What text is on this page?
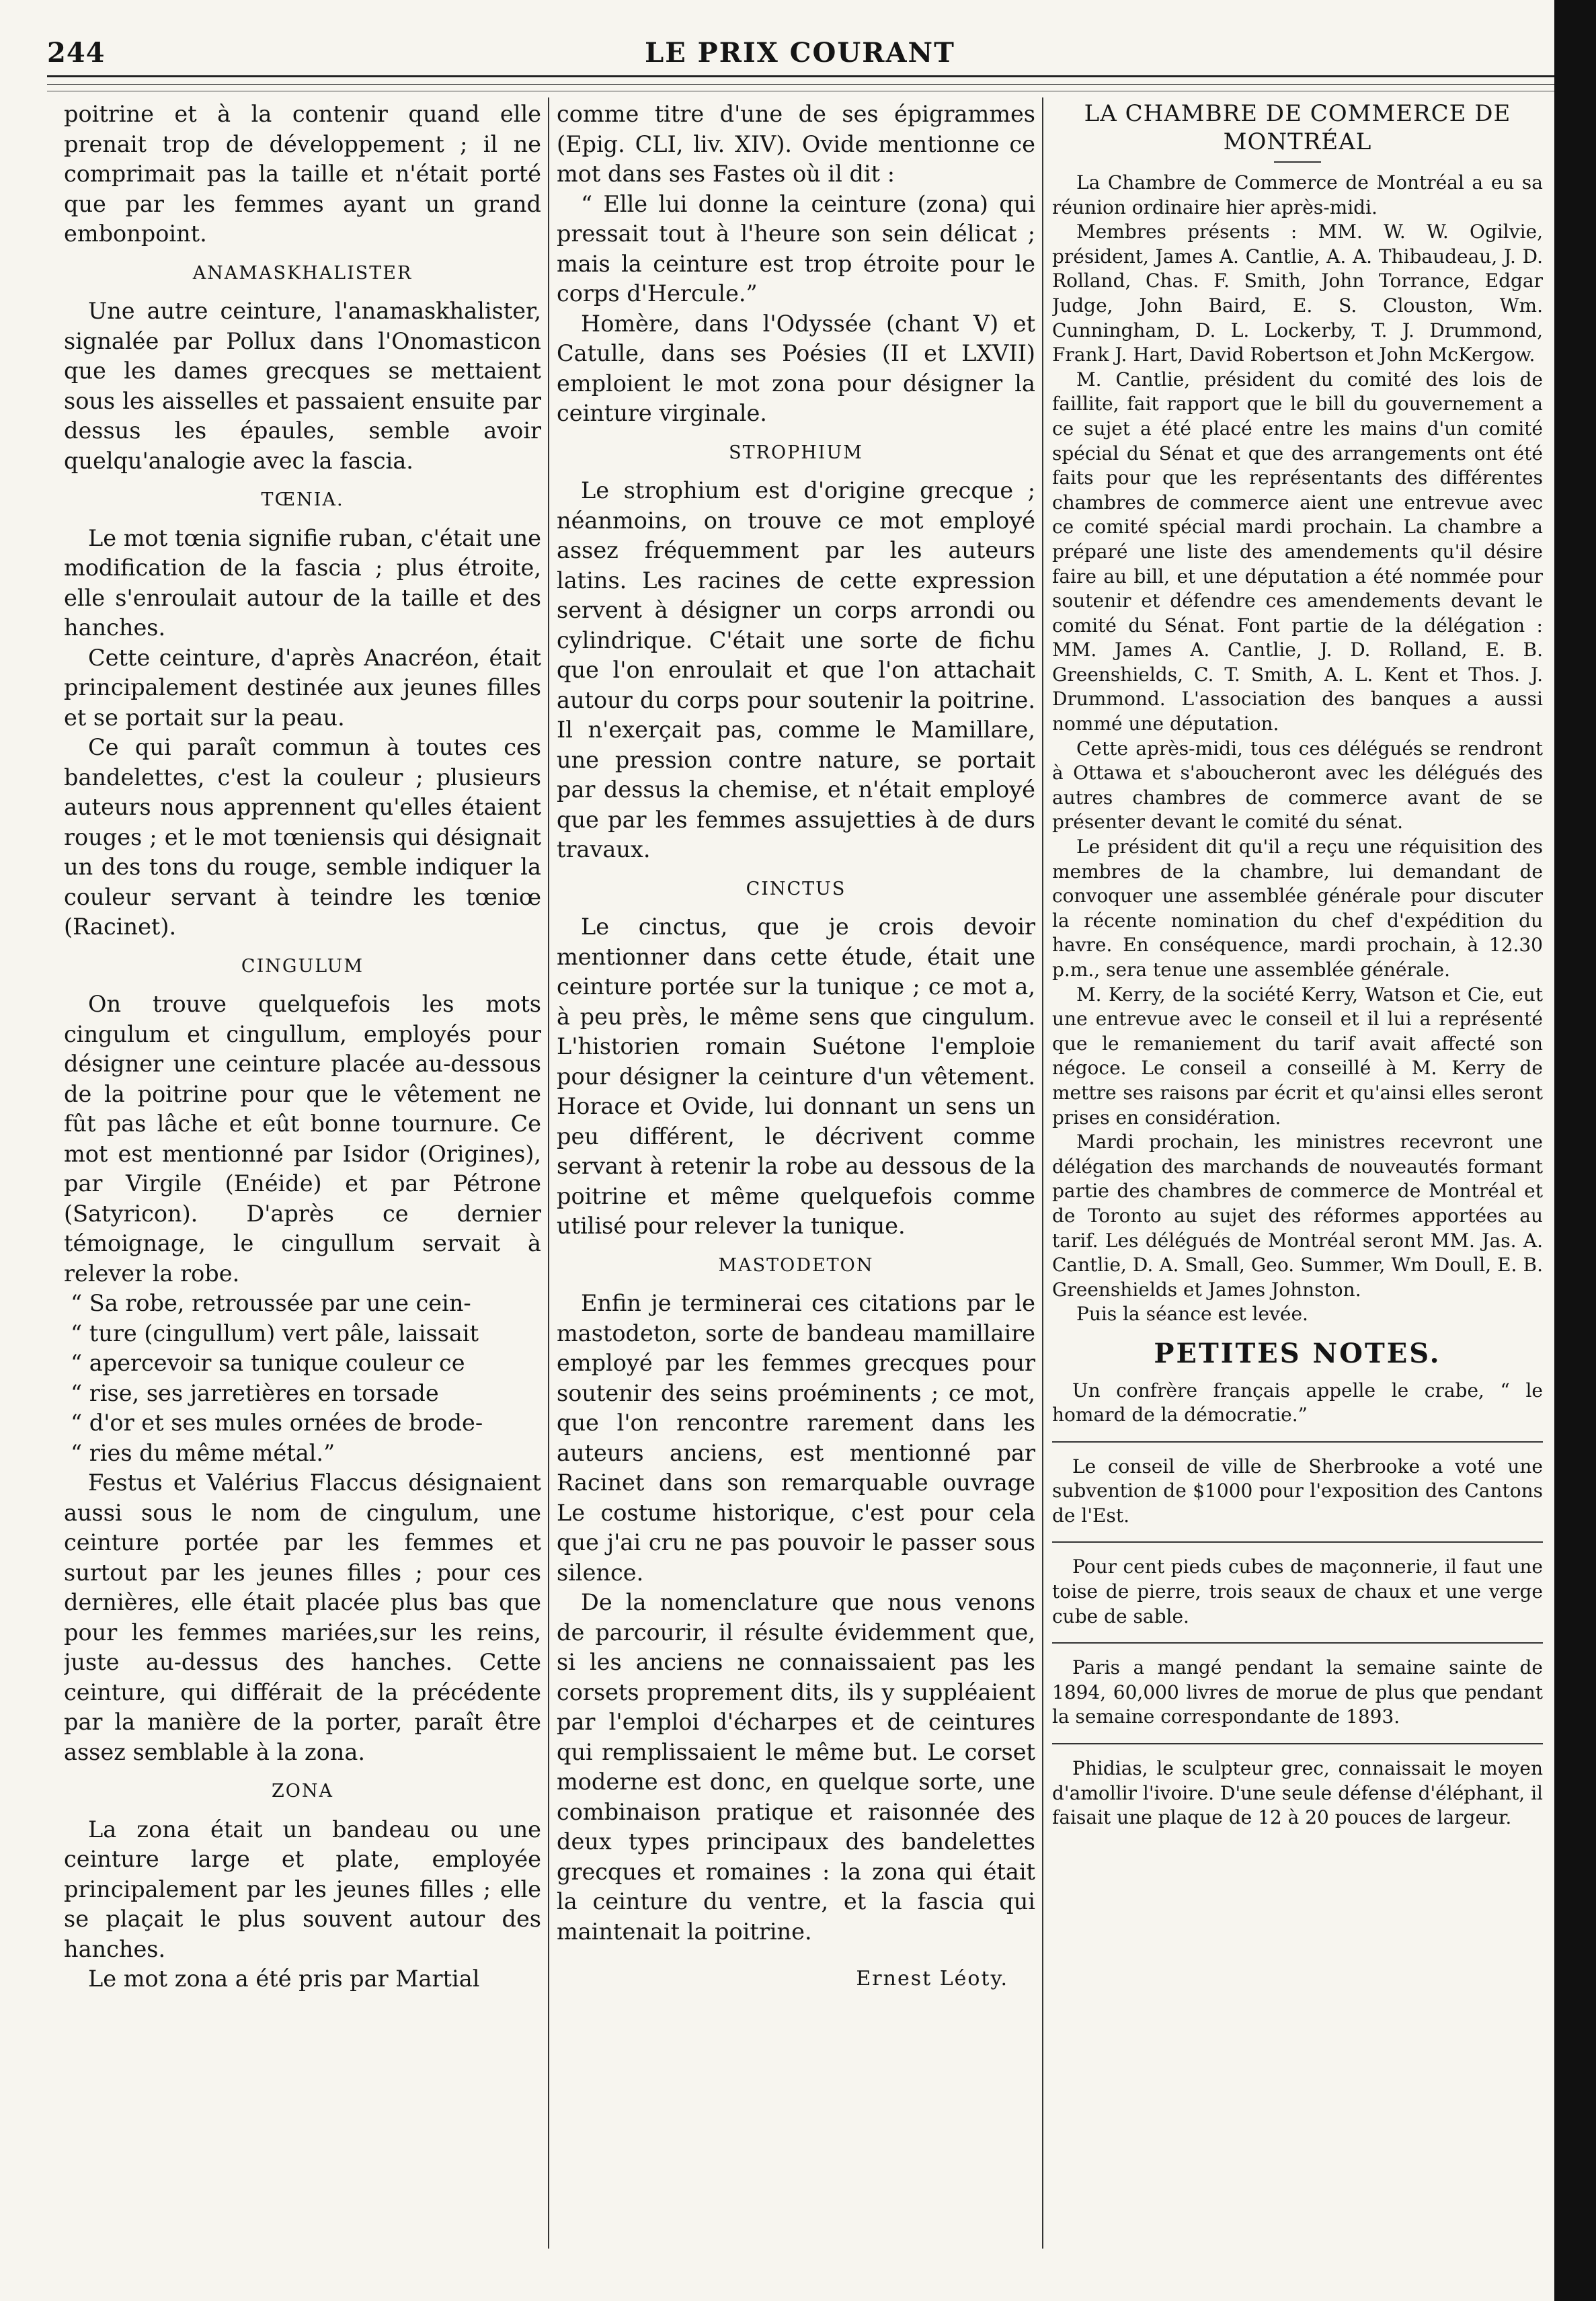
244	LE PRIX COURANT

poitrine et à la contenir quand elle prenait trop de développement ; il ne comprimait pas la taille et n'était porté que par les femmes ayant un grand embonpoint.

ANAMASKHALISTER

Une autre ceinture, l'anamaskhalister, signalée par Pollux dans l'Onomasticon que les dames grecques se mettaient sous les aisselles et passaient ensuite par dessus les épaules, semble avoir quelqu'analogie avec la fascia.

TŒNIA.

Le mot tœnia signifie ruban, c'était une modification de la fascia ; plus étroite, elle s'enroulait autour de la taille et des hanches.

Cette ceinture, d'après Anacréon, était principalement destinée aux jeunes filles et se portait sur la peau.

Ce qui paraît commun à toutes ces bandelettes, c'est la couleur ; plusieurs auteurs nous apprennent qu'elles étaient rouges ; et le mot tœniensis qui désignait un des tons du rouge, semble indiquer la couleur servant à teindre les tœniœ (Racinet).

CINGULUM

On trouve quelquefois les mots cingulum et cingullum, employés pour désigner une ceinture placée au-dessous de la poitrine pour que le vêtement ne fût pas lâche et eût bonne tournure. Ce mot est mentionné par Isidor (Origines), par Virgile (Enéide) et par Pétrone (Satyricon). D'après ce dernier témoignage, le cingullum servait à relever la robe.

“ Sa robe, retroussée par une cein-

“ ture (cingullum) vert pâle, laissait

“ apercevoir sa tunique couleur ce

“ rise, ses jarretières en torsade

“ d'or et ses mules ornées de brode-

“ ries du même métal.”

Festus et Valérius Flaccus désignaient aussi sous le nom de cingulum, une ceinture portée par les femmes et surtout par les jeunes filles ; pour ces dernières, elle était placée plus bas que pour les femmes mariées,sur les reins, juste au-dessus des hanches. Cette ceinture, qui différait de la précédente par la manière de la porter, paraît être assez semblable à la zona.

ZONA

La zona était un bandeau ou une ceinture large et plate, employée principalement par les jeunes filles ; elle se plaçait le plus souvent autour des hanches.

Le mot zona a été pris par Martial

comme titre d'une de ses épigrammes (Epig. CLI, liv. XIV). Ovide mentionne ce mot dans ses Fastes où il dit :

“ Elle lui donne la ceinture (zona) qui pressait tout à l'heure son sein délicat ; mais la ceinture est trop étroite pour le corps d'Hercule.”

Homère, dans l'Odyssée (chant V) et Catulle, dans ses Poésies (II et LXVII) emploient le mot zona pour désigner la ceinture virginale.

STROPHIUM

Le strophium est d'origine grecque ; néanmoins, on trouve ce mot employé assez fréquemment par les auteurs latins. Les racines de cette expression servent à désigner un corps arrondi ou cylindrique. C'était une sorte de fichu que l'on enroulait et que l'on attachait autour du corps pour soutenir la poitrine. Il n'exerçait pas, comme le Mamillare, une pression contre nature, se portait par dessus la chemise, et n'était employé que par les femmes assujetties à de durs travaux.

CINCTUS

Le cinctus, que je crois devoir mentionner dans cette étude, était une ceinture portée sur la tunique ; ce mot a, à peu près, le même sens que cingulum. L'historien romain Suétone l'emploie pour désigner la ceinture d'un vêtement. Horace et Ovide, lui donnant un sens un peu différent, le décrivent comme servant à retenir la robe au dessous de la poitrine et même quelquefois comme utilisé pour relever la tunique.

MASTODETON

Enfin je terminerai ces citations par le mastodeton, sorte de bandeau mamillaire employé par les femmes grecques pour soutenir des seins proéminents ; ce mot, que l'on rencontre rarement dans les auteurs anciens, est mentionné par Racinet dans son remarquable ouvrage Le costume historique, c'est pour cela que j'ai cru ne pas pouvoir le passer sous silence.

De la nomenclature que nous venons de parcourir, il résulte évidemment que, si les anciens ne connaissaient pas les corsets proprement dits, ils y suppléaient par l'emploi d'écharpes et de ceintures qui remplissaient le même but. Le corset moderne est donc, en quelque sorte, une combinaison pratique et raisonnée des deux types principaux des bandelettes grecques et romaines : la zona qui était la ceinture du ventre, et la fascia qui maintenait la poitrine.

Ernest Léoty.
LA CHAMBRE DE COMMERCE DE
MONTRÉAL

La Chambre de Commerce de Montréal a eu sa réunion ordinaire hier après-midi.

Membres présents : MM. W. W. Ogilvie, président, James A. Cantlie, A. A. Thibaudeau, J. D. Rolland, Chas. F. Smith, John Torrance, Edgar Judge, John Baird, E. S. Clouston, Wm. Cunningham, D. L. Lockerby, T. J. Drummond, Frank J. Hart, David Robertson et John McKergow.

M. Cantlie, président du comité des lois de faillite, fait rapport que le bill du gouvernement a ce sujet a été placé entre les mains d'un comité spécial du Sénat et que des arrangements ont été faits pour que les représentants des différentes chambres de commerce aient une entrevue avec ce comité spécial mardi prochain. La chambre a préparé une liste des amendements qu'il désire faire au bill, et une députation a été nommée pour soutenir et défendre ces amendements devant le comité du Sénat. Font partie de la délégation : MM. James A. Cantlie, J. D. Rolland, E. B. Greenshields, C. T. Smith, A. L. Kent et Thos. J. Drummond. L'association des banques a aussi nommé une députation.

Cette après-midi, tous ces délégués se rendront à Ottawa et s'aboucheront avec les délégués des autres chambres de commerce avant de se présenter devant le comité du sénat.

Le président dit qu'il a reçu une réquisition des membres de la chambre, lui demandant de convoquer une assemblée générale pour discuter la récente nomination du chef d'expédition du havre. En conséquence, mardi prochain, à 12.30 p.m., sera tenue une assemblée générale.

M. Kerry, de la société Kerry, Watson et Cie, eut une entrevue avec le conseil et il lui a représenté que le remaniement du tarif avait affecté son négoce. Le conseil a conseillé à M. Kerry de mettre ses raisons par écrit et qu'ainsi elles seront prises en considération.

Mardi prochain, les ministres recevront une délégation des marchands de nouveautés formant partie des chambres de commerce de Montréal et de Toronto au sujet des réformes apportées au tarif. Les délégués de Montréal seront MM. Jas. A. Cantlie, D. A. Small, Geo. Summer, Wm Doull, E. B. Greenshields et James Johnston.

Puis la séance est levée.

PETITES NOTES.

Un confrère français appelle le crabe, “ le homard de la démocratie.”

Le conseil de ville de Sherbrooke a voté une subvention de $1000 pour l'exposition des Cantons de l'Est.

Pour cent pieds cubes de maçonnerie, il faut une toise de pierre, trois seaux de chaux et une verge cube de sable.

Paris a mangé pendant la semaine sainte de 1894, 60,000 livres de morue de plus que pendant la semaine correspondante de 1893.

Phidias, le sculpteur grec, connaissait le moyen d'amollir l'ivoire. D'une seule défense d'éléphant, il faisait une plaque de 12 à 20 pouces de largeur.
